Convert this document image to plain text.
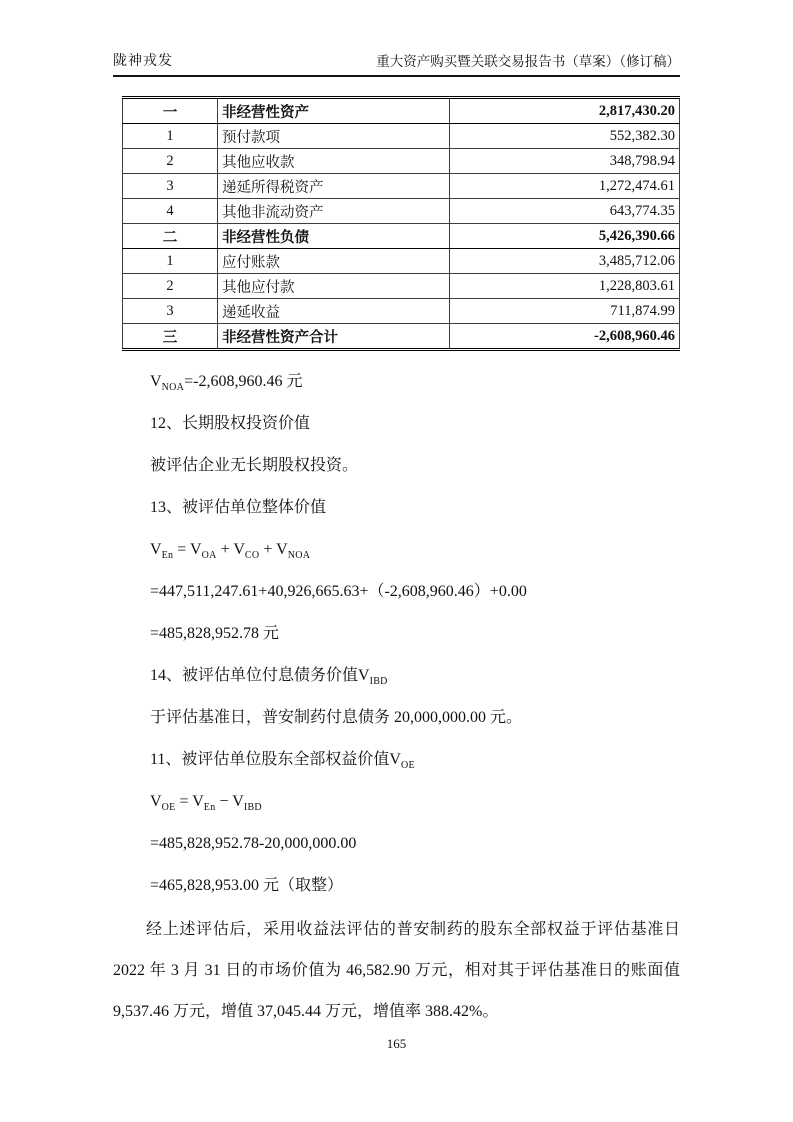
陇神戎发	重大资产购买暨关联交易报告书（草案）（修订稿）
一	非经营性资产	2,817,430.20
1	预付款项	552,382.30
2	其他应收款	348,798.94
3	递延所得税资产	1,272,474.61
4	其他非流动资产	643,774.35
二	非经营性负债	5,426,390.66
1	应付账款	3,485,712.06
2	其他应付款	1,228,803.61
3	递延收益	711,874.99
三	非经营性资产合计	-2,608,960.46
$V_{NOA}=-2,608,960.46$ 元
12、长期股权投资价值
被评估企业无长期股权投资。
13、被评估单位整体价值
$V_{En} = V_{OA} + V_{CO} + V_{NOA}$
=447,511,247.61+40,926,665.63+（-2,608,960.46）+0.00
=485,828,952.78 元
14、被评估单位付息债务价值$V_{IBD}$
于评估基准日，普安制药付息债务 20,000,000.00 元。
11、被评估单位股东全部权益价值$V_{OE}$
$V_{OE} = V_{En} - V_{IBD}$
=485,828,952.78-20,000,000.00
=465,828,953.00 元（取整）
经上述评估后，采用收益法评估的普安制药的股东全部权益于评估基准日 2022 年 3 月 31 日的市场价值为 46,582.90 万元，相对其于评估基准日的账面值 9,537.46 万元，增值 37,045.44 万元，增值率 388.42%。
165
